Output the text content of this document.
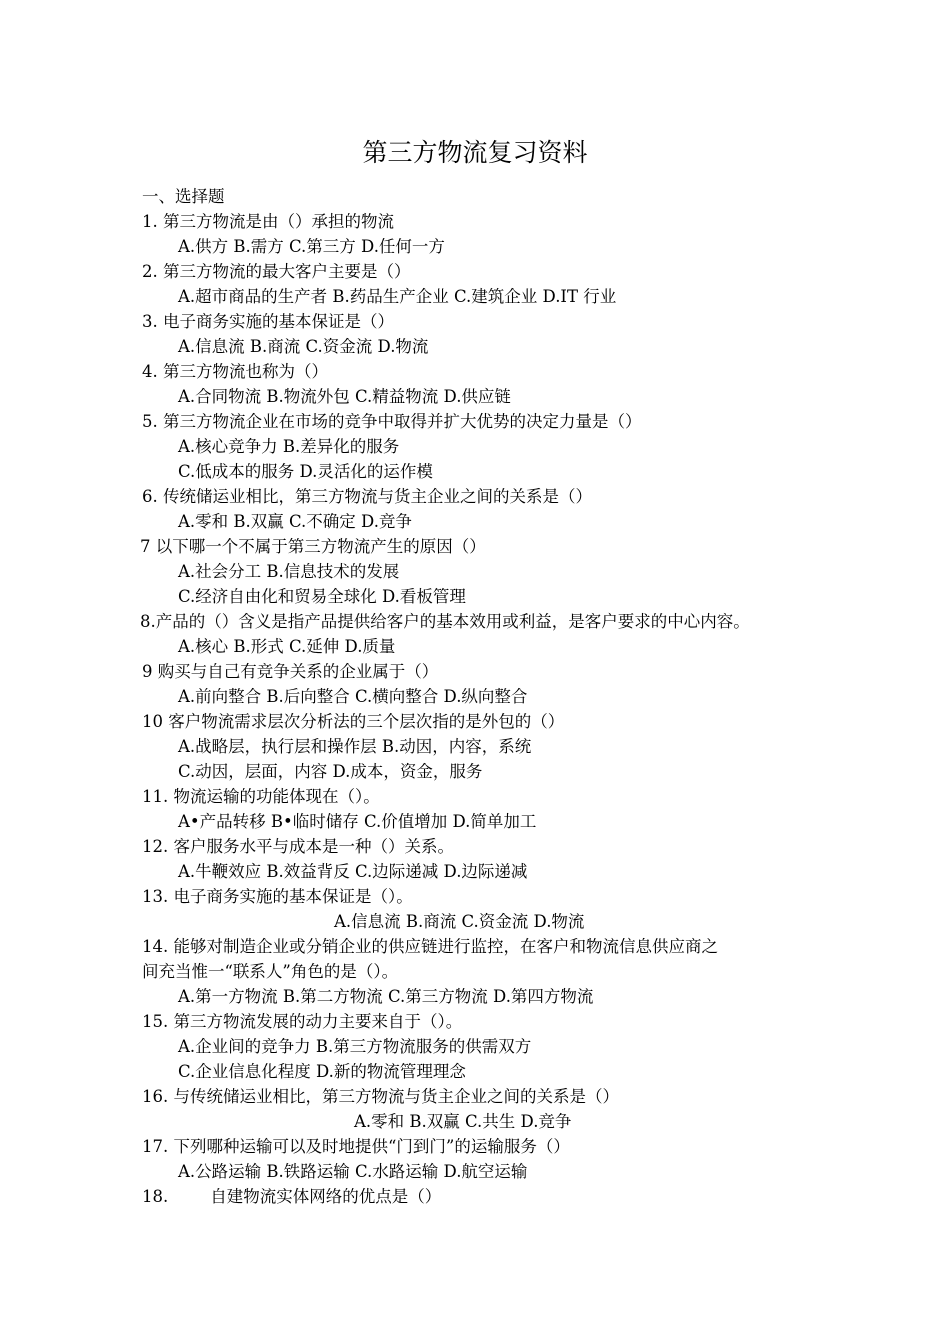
第三方物流复习资料
一、选择题
1. 第三方物流是由（）承担的物流
A.供方 B.需方 C.第三方 D.任何一方
2. 第三方物流的最大客户主要是（）
A.超市商品的生产者 B.药品生产企业 C.建筑企业 D.IT 行业
3. 电子商务实施的基本保证是（）
A.信息流 B.商流 C.资金流 D.物流
4. 第三方物流也称为（）
A.合同物流 B.物流外包 C.精益物流 D.供应链
5. 第三方物流企业在市场的竞争中取得并扩大优势的决定力量是（）
A.核心竞争力 B.差异化的服务
C.低成本的服务 D.灵活化的运作模
6. 传统储运业相比，第三方物流与货主企业之间的关系是（）
A.零和 B.双赢 C.不确定 D.竞争
7 以下哪一个不属于第三方物流产生的原因（）
A.社会分工 B.信息技术的发展
C.经济自由化和贸易全球化 D.看板管理
8.产品的（）含义是指产品提供给客户的基本效用或利益，是客户要求的中心内容。
A.核心 B.形式 C.延伸 D.质量
9 购买与自己有竞争关系的企业属于（）
A.前向整合 B.后向整合 C.横向整合 D.纵向整合
10 客户物流需求层次分析法的三个层次指的是外包的（）
A.战略层，执行层和操作层 B.动因，内容，系统
C.动因，层面，内容 D.成本，资金，服务
11. 物流运输的功能体现在（）。
A•产品转移 B•临时储存 C.价值增加 D.简单加工
12. 客户服务水平与成本是一种（）关系。
A.牛鞭效应 B.效益背反 C.边际递减 D.边际递减
13. 电子商务实施的基本保证是（）。
A.信息流 B.商流 C.资金流 D.物流
14. 能够对制造企业或分销企业的供应链进行监控，在客户和物流信息供应商之
间充当惟一“联系人”角色的是（）。
A.第一方物流 B.第二方物流 C.第三方物流 D.第四方物流
15. 第三方物流发展的动力主要来自于（）。
A.企业间的竞争力 B.第三方物流服务的供需双方
C.企业信息化程度 D.新的物流管理理念
16. 与传统储运业相比，第三方物流与货主企业之间的关系是（）
A.零和 B.双赢 C.共生 D.竞争
17. 下列哪种运输可以及时地提供“门到门”的运输服务（）
A.公路运输 B.铁路运输 C.水路运输 D.航空运输
18.        自建物流实体网络的优点是（）
